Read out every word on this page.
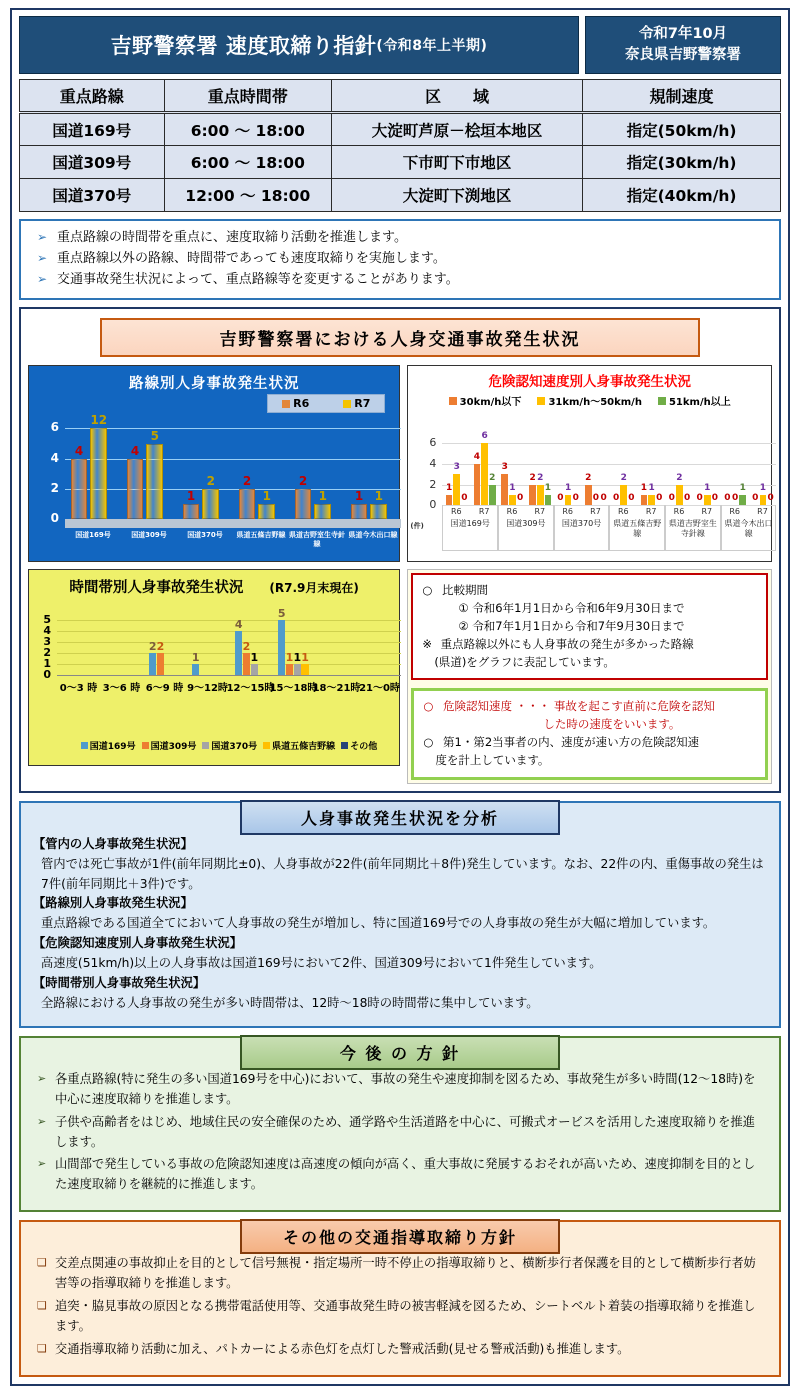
吉野警察署 速度取締り指針 (令和8年上半期)
令和7年10月
奈良県吉野警察署
重点路線	重点時間帯	区　　域	規制速度
国道169号	6:00 ～ 18:00	大淀町芦原－桧垣本地区	指定(50km/h)
国道309号	6:00 ～ 18:00	下市町下市地区	指定(30km/h)
国道370号	12:00 ～ 18:00	大淀町下渕地区	指定(40km/h)
➢ 重点路線の時間帯を重点に、速度取締り活動を推進します。
➢ 重点路線以外の路線、時間帯であっても速度取締りを実施します。
➢ 交通事故発生状況によって、重点路線等を変更することがあります。
吉野警察署における人身交通事故発生状況
路線別人身事故発生状況
R6	R7
0
2
4
6
4
12
国道169号
4
5
国道309号
1
2
国道370号
2
1
県道五條吉野線
2
1
県道吉野室生寺針線
1 1
県道今木出口線
危険認知速度別人身事故発生状況
30km/h以下	31km/h～50km/h	51km/h以上
0
2
4
6
(件)
R6
1
3
0
R7
4
6
2
国道169号
R6
3
1
0
R7
2 2
1
国道309号
R6
0
1
0
R7
2
0 0
国道370号
R6
0
2
0
R7
1 1
0
県道五條吉野線
R6
0
2
0
R7
0
1
0
県道吉野室生寺針線
R6
0 0
1
R7
0
1
0
県道今木出口線
時間帯別人身事故発生状況 (R7.9月末現在)
0
1
2
3
4
5
0～3 時 3～6 時
2 2
6～9 時
1
9～12時
4
2
1
12～15時
5
1 1 1
15～18時
18～21時
21～0時
国道169号 国道309号 国道370号 県道五條吉野線 その他
○ 比較期間
① 令和6年1月1日から令和6年9月30日まで
② 令和7年1月1日から令和7年9月30日まで
※ 重点路線以外にも人身事故の発生が多かった路線
(県道)をグラフに表記しています。
○ 危険認知速度 ・・・ 事故を起こす直前に危険を認知
した時の速度をいいます。
○ 第1・第2当事者の内、速度が速い方の危険認知速
度を計上しています。
人身事故発生状況を分析
【管内の人身事故発生状況】
管内では死亡事故が1件(前年同期比±0)、人身事故が22件(前年同期比＋8件)発生しています。なお、22件の内、重傷事故の発生は7件(前年同期比＋3件)です。
【路線別人身事故発生状況】
重点路線である国道全てにおいて人身事故の発生が増加し、特に国道169号での人身事故の発生が大幅に増加しています。
【危険認知速度別人身事故発生状況】
高速度(51km/h)以上の人身事故は国道169号において2件、国道309号において1件発生しています。
【時間帯別人身事故発生状況】
全路線における人身事故の発生が多い時間帯は、12時～18時の時間帯に集中しています。
今 後 の 方 針
➢ 各重点路線(特に発生の多い国道169号を中心)において、事故の発生や速度抑制を図るため、事故発生が多い時間(12～18時)を中心に速度取締りを推進します。
➢ 子供や高齢者をはじめ、地域住民の安全確保のため、通学路や生活道路を中心に、可搬式オービスを活用した速度取締りを推進します。
➢ 山間部で発生している事故の危険認知速度は高速度の傾向が高く、重大事故に発展するおそれが高いため、速度抑制を目的とした速度取締りを継続的に推進します。
その他の交通指導取締り方針
❑ 交差点関連の事故抑止を目的として信号無視・指定場所一時不停止の指導取締りと、横断歩行者保護を目的として横断歩行者妨害等の指導取締りを推進します。
❑ 追突・脇見事故の原因となる携帯電話使用等、交通事故発生時の被害軽減を図るため、シートベルト着装の指導取締りを推進します。
❑ 交通指導取締り活動に加え、パトカーによる赤色灯を点灯した警戒活動(見せる警戒活動)も推進します。
